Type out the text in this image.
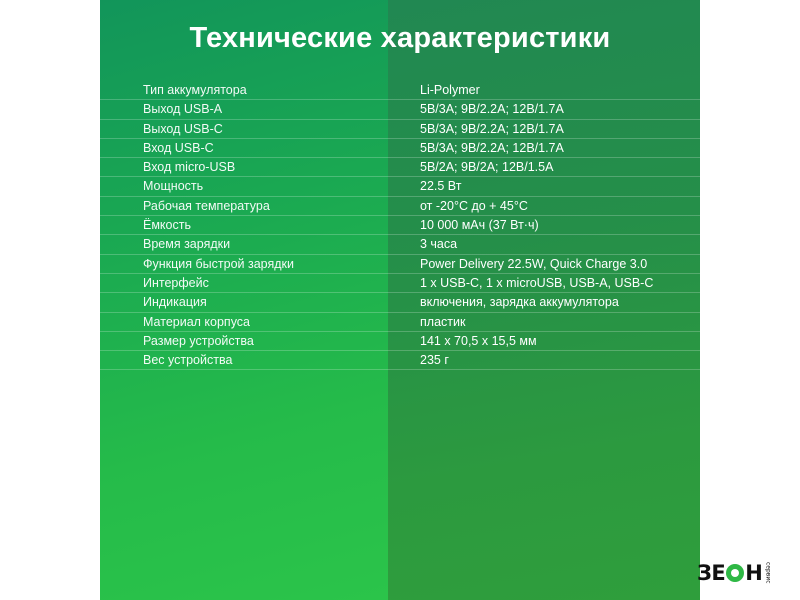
Технические характеристики
Тип аккумулятора	Li-Polymer
Выход USB-A	5В/3А; 9В/2.2А; 12В/1.7А
Выход USB-C	5В/3А; 9В/2.2А; 12В/1.7А
Вход USB-C	5В/3А; 9В/2.2А; 12В/1.7А
Вход micro-USB	5В/2А; 9В/2А; 12В/1.5А
Мощность	22.5 Вт
Рабочая температура	от -20°С до + 45°С
Ёмкость	10 000 мАч (37 Вт·ч)
Время зарядки	3 часа
Функция быстрой зарядки	Power Delivery 22.5W, Quick Charge 3.0
Интерфейс	1 x USB-C, 1 x microUSB, USB-A, USB-C
Индикация	включения, зарядка аккумулятора
Материал корпуса	пластик
Размер устройства	141 х 70,5 х 15,5 мм
Вес устройства	235 г
ЗЕ Н сервис
